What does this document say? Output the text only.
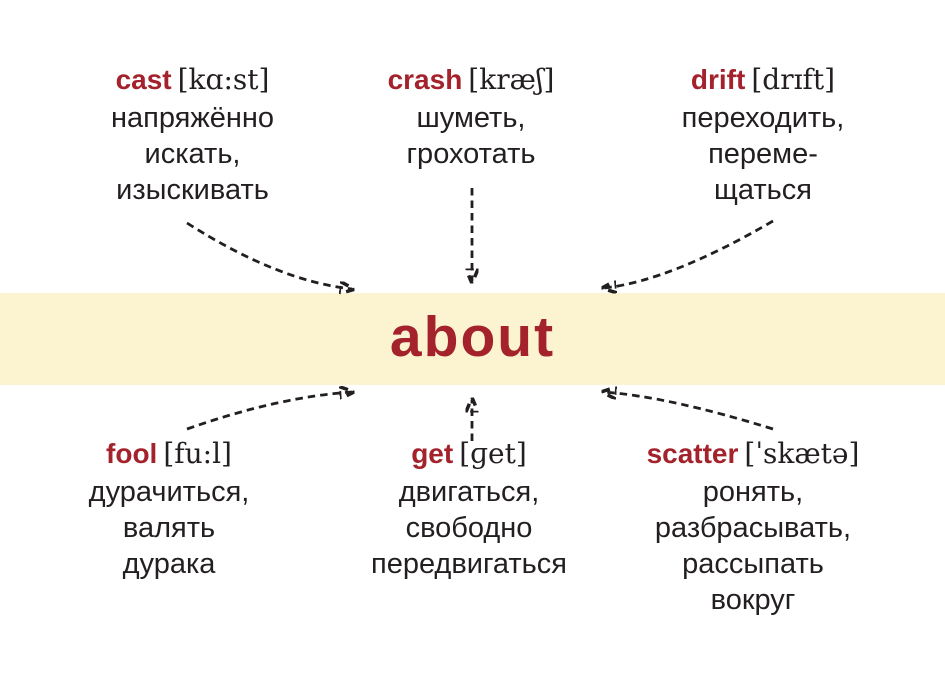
about
cast [kɑ:st]
напряжённо
искать,
изыскивать
crash [kræʃ]
шуметь,
грохотать
drift [drɪft]
переходить,
переме-
щаться
fool [fu:l]
дурачиться,
валять
дурака
get [ɡet]
двигаться,
свободно
передвигаться
scatter [ˈskætə]
ронять,
разбрасывать,
рассыпать
вокруг
